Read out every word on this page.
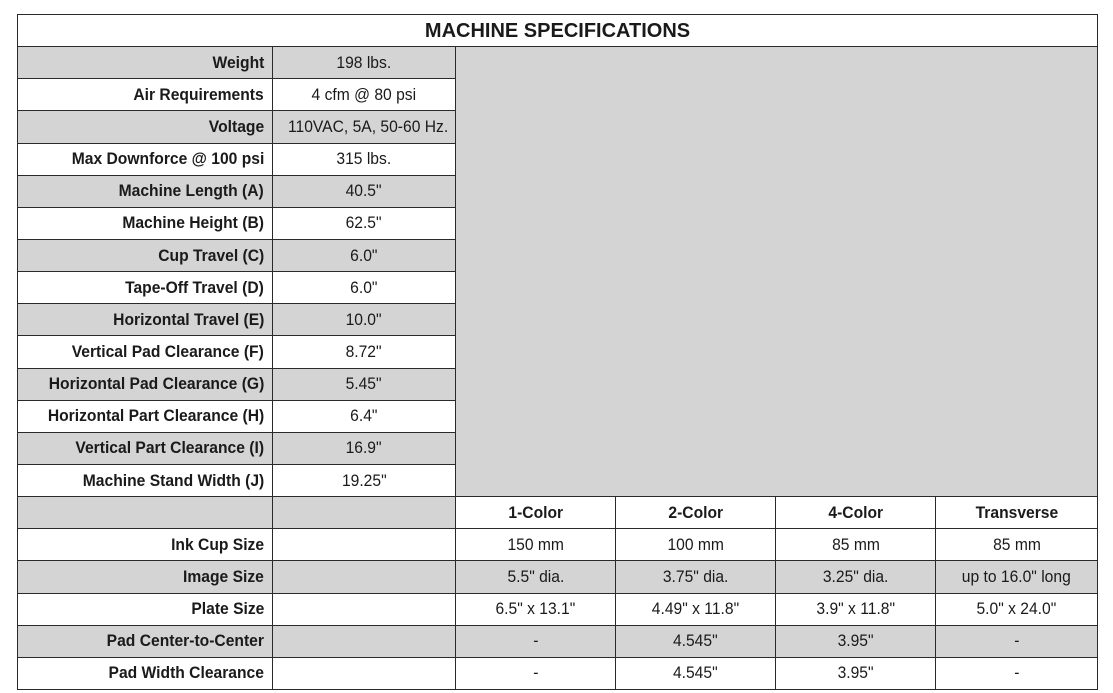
MACHINE SPECIFICATIONS					
Weight	198 lbs.				
Air Requirements	4 cfm @ 80 psi				
Voltage	110VAC, 5A, 50-60 Hz.				
Max Downforce @ 100 psi	315 lbs.				
Machine Length (A)	40.5"				
Machine Height (B)	62.5"				
Cup Travel (C)	6.0"				
Tape-Off Travel (D)	6.0"				
Horizontal Travel (E)	10.0"				
Vertical Pad Clearance (F)	8.72"				
Horizontal Pad Clearance (G)	5.45"				
Horizontal Part Clearance (H)	6.4"				
Vertical Part Clearance (I)	16.9"				
Machine Stand Width (J)	19.25"				
		1-Color	2-Color	4-Color	Transverse
Ink Cup Size		150 mm	100 mm	85 mm	85 mm
Image Size		5.5" dia.	3.75" dia.	3.25" dia.	up to 16.0" long
Plate Size		6.5" x 13.1"	4.49" x 11.8"	3.9" x 11.8"	5.0" x 24.0"
Pad Center-to-Center		-	4.545"	3.95"	-
Pad Width Clearance		-	4.545"	3.95"	-
